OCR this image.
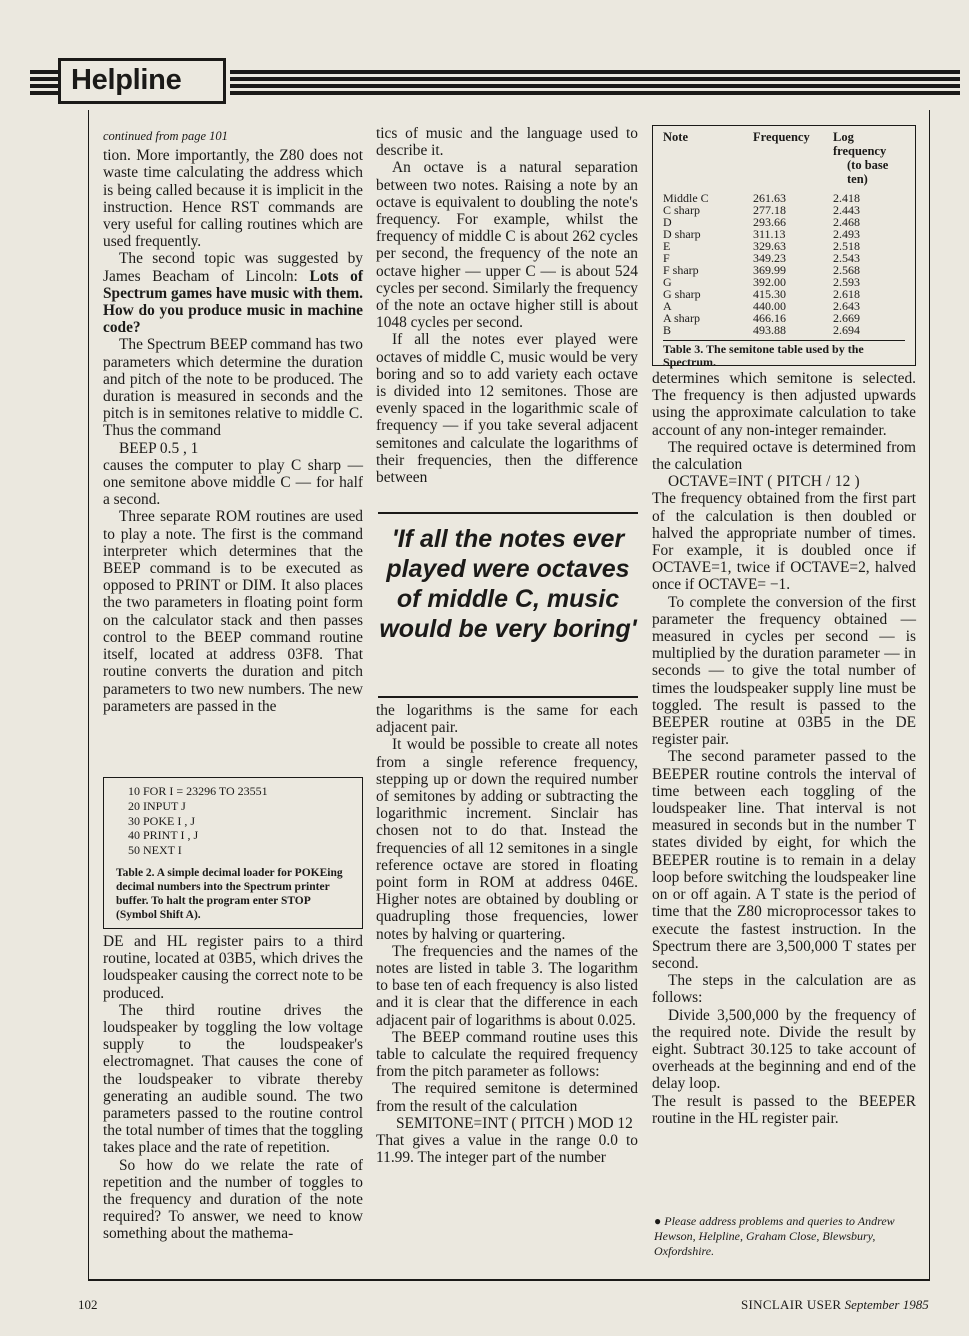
Helpline

continued from page 101

tion. More importantly, the Z80 does not waste time calculating the address which is being called because it is implicit in the instruction. Hence RST commands are very useful for calling routines which are used frequently.

The second topic was suggested by James Beacham of Lincoln: Lots of Spectrum games have music with them. How do you produce music in machine code?

The Spectrum BEEP command has two parameters which determine the duration and pitch of the note to be produced. The duration is measured in seconds and the pitch is in semitones relative to middle C. Thus the command

BEEP 0.5 , 1

causes the computer to play C sharp — one semitone above middle C — for half a second.

Three separate ROM routines are used to play a note. The first is the command interpreter which determines that the BEEP command is to be executed as opposed to PRINT or DIM. It also places the two parameters in floating point form on the calculator stack and then passes control to the BEEP command routine itself, located at address 03F8. That routine converts the duration and pitch parameters to two new numbers. The new parameters are passed in the

10 FOR I = 23296 TO 23551
20 INPUT J
30 POKE I , J
40 PRINT I , J
50 NEXT I
Table 2. A simple decimal loader for POKEing decimal numbers into the Spectrum printer buffer. To halt the program enter STOP (Symbol Shift A).

DE and HL register pairs to a third routine, located at 03B5, which drives the loudspeaker causing the correct note to be produced.

The third routine drives the loudspeaker by toggling the low voltage supply to the loudspeaker's electromagnet. That causes the cone of the loudspeaker to vibrate thereby generating an audible sound. The two parameters passed to the routine control the total number of times that the toggling takes place and the rate of repetition.

So how do we relate the rate of repetition and the number of toggles to the frequency and duration of the note required? To answer, we need to know something about the mathema-

tics of music and the language used to describe it.

An octave is a natural separation between two notes. Raising a note by an octave is equivalent to doubling the note's frequency. For example, whilst the frequency of middle C is about 262 cycles per second, the frequency of the note an octave higher — upper C — is about 524 cycles per second. Similarly the frequency of the note an octave higher still is about 1048 cycles per second.

If all the notes ever played were octaves of middle C, music would be very boring and so to add variety each octave is divided into 12 semitones. Those are evenly spaced in the logarithmic scale of frequency — if you take several adjacent semitones and calculate the logarithms of their frequencies, then the difference between

'If all the notes ever played were octaves of middle C, music would be very boring'

the logarithms is the same for each adjacent pair.

It would be possible to create all notes from a single reference frequency, stepping up or down the required number of semitones by adding or subtracting the logarithmic increment. Sinclair has chosen not to do that. Instead the frequencies of all 12 semitones in a single reference octave are stored in floating point form in ROM at address 046E. Higher notes are obtained by doubling or quadrupling those frequencies, lower notes by halving or quartering.

The frequencies and the names of the notes are listed in table 3. The logarithm to base ten of each frequency is also listed and it is clear that the difference in each adjacent pair of logarithms is about 0.025.

The BEEP command routine uses this table to calculate the required frequency from the pitch parameter as follows:

The required semitone is determined from the result of the calculation

SEMITONE=INT ( PITCH ) MOD 12

That gives a value in the range 0.0 to 11.99. The integer part of the number

Note	Frequency	Log frequency
(to base ten)

Middle C	261.63	2.418
C sharp	277.18	2.443
D	293.66	2.468
D sharp	311.13	2.493
E	329.63	2.518
F	349.23	2.543
F sharp	369.99	2.568
G	392.00	2.593
G sharp	415.30	2.618
A	440.00	2.643
A sharp	466.16	2.669
B	493.88	2.694
Table 3. The semitone table used by the Spectrum.

determines which semitone is selected. The frequency is then adjusted upwards using the approximate calculation to take account of any non-integer remainder.

The required octave is determined from the calculation

OCTAVE=INT ( PITCH / 12 )

The frequency obtained from the first part of the calculation is then doubled or halved the appropriate number of times. For example, it is doubled once if OCTAVE=1, twice if OCTAVE=2, halved once if OCTAVE= −1.

To complete the conversion of the first parameter the frequency obtained — measured in cycles per second — is multiplied by the duration parameter — in seconds — to give the total number of times the loudspeaker supply line must be toggled. The result is passed to the BEEPER routine at 03B5 in the DE register pair.

The second parameter passed to the BEEPER routine controls the interval of time between each toggling of the loudspeaker line. That interval is not measured in seconds but in the number T states divided by eight, for which the BEEPER routine is to remain in a delay loop before switching the loudspeaker line on or off again. A T state is the period of time that the Z80 microprocessor takes to execute the fastest instruction. In the Spectrum there are 3,500,000 T states per second.

The steps in the calculation are as follows:

Divide 3,500,000 by the frequency of the required note. Divide the result by eight. Subtract 30.125 to take account of overheads at the beginning and end of the delay loop.

The result is passed to the BEEPER routine in the HL register pair.

● Please address problems and queries to Andrew Hewson, Helpline, Graham Close, Blewsbury, Oxfordshire.
102	SINCLAIR USER September 1985
